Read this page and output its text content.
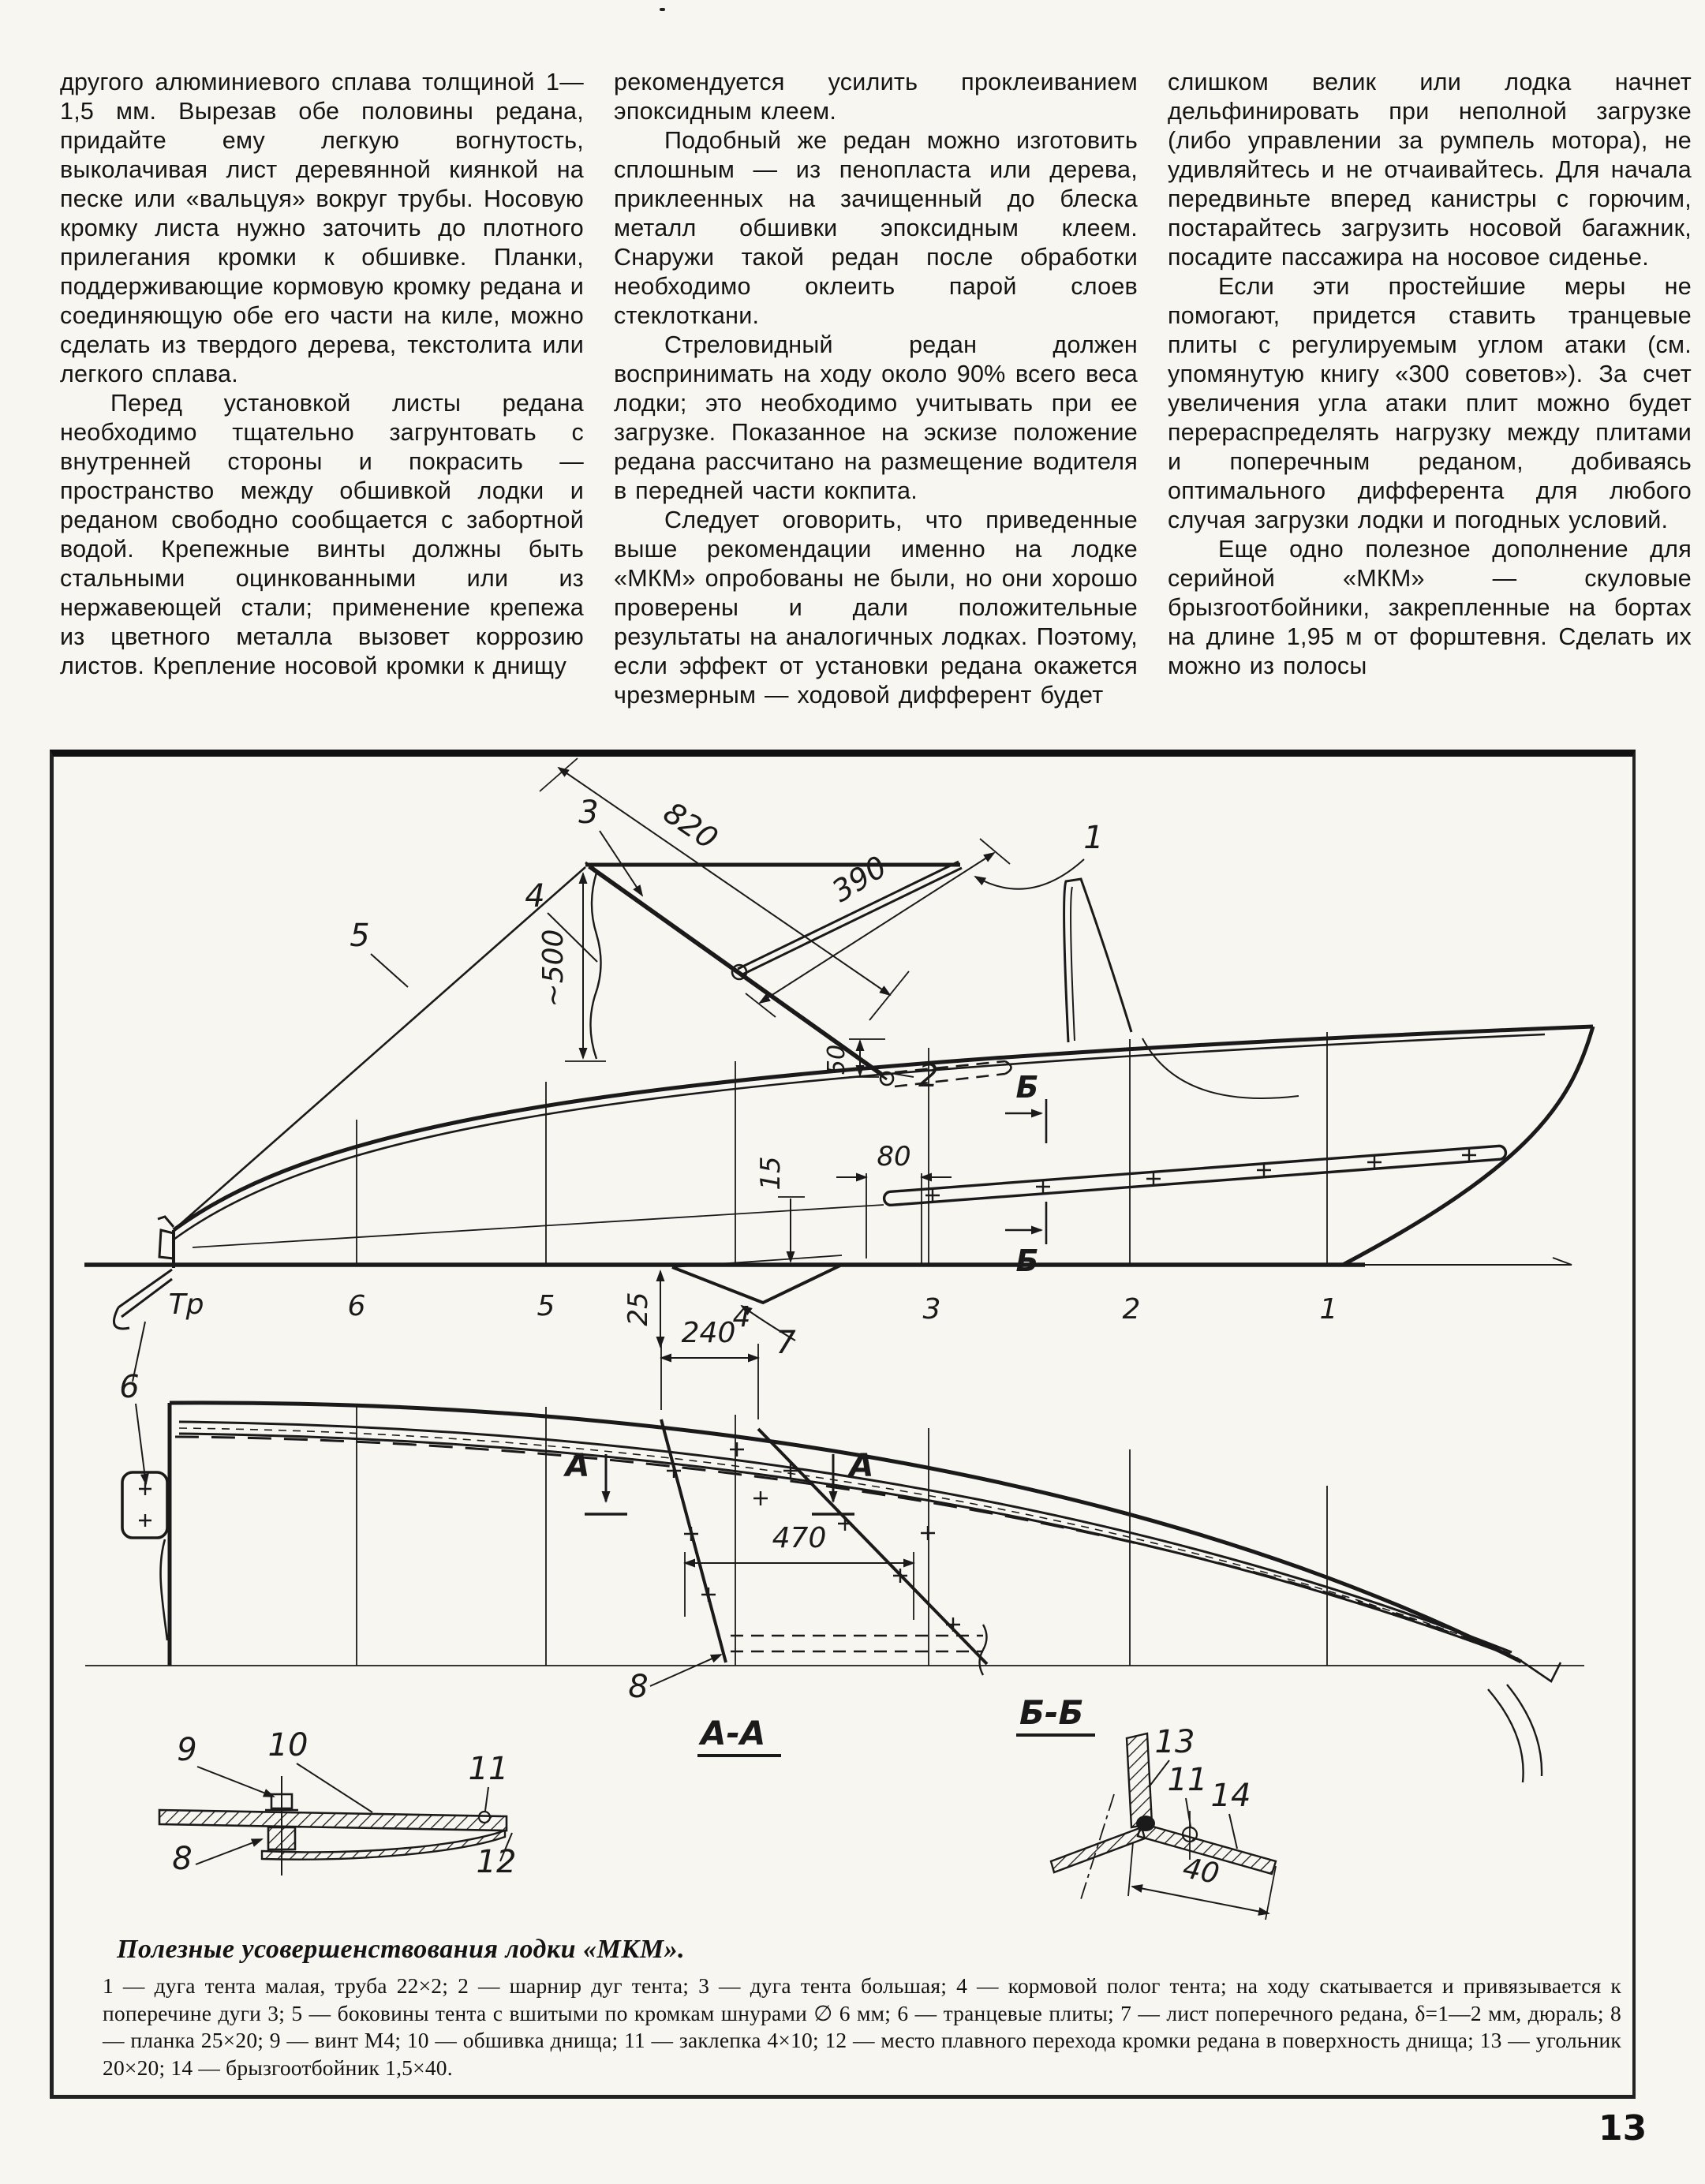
другого алюминиевого сплава толщиной 1—1,5 мм. Вырезав обе половины редана, придайте ему легкую вогнутость, выколачивая лист деревянной киянкой на песке или «вальцуя» вокруг трубы. Носовую кромку листа нужно заточить до плотного прилегания кромки к обшивке. Планки, поддерживающие кормовую кромку редана и соединяющую обе его части на киле, можно сделать из твердого дерева, текстолита или легкого сплава.

Перед установкой листы редана необходимо тщательно загрунтовать с внутренней стороны и покрасить — пространство между обшивкой лодки и реданом свободно сообщается с забортной водой. Крепежные винты должны быть стальными оцинкованными или из нержавеющей стали; применение крепежа из цветного металла вызовет коррозию листов. Крепление носовой кромки к днищу

рекомендуется усилить проклеиванием эпоксидным клеем.

Подобный же редан можно изготовить сплошным — из пенопласта или дерева, приклеенных на зачищенный до блеска металл обшивки эпоксидным клеем. Снаружи такой редан после обработки необходимо оклеить парой слоев стеклоткани.

Стреловидный редан должен воспринимать на ходу около 90% всего веса лодки; это необходимо учитывать при ее загрузке. Показанное на эскизе положение редана рассчитано на размещение водителя в передней части кокпита.

Следует оговорить, что приведенные выше рекомендации именно на лодке «МКМ» опробованы не были, но они хорошо проверены и дали положительные результаты на аналогичных лодках. Поэтому, если эффект от установки редана окажется чрезмерным — ходовой дифферент будет

слишком велик или лодка начнет дельфинировать при неполной загрузке (либо управлении за румпель мотора), не удивляйтесь и не отчаивайтесь. Для начала передвиньте вперед канистры с горючим, постарайтесь загрузить носовой багажник, посадите пассажира на носовое сиденье.

Если эти простейшие меры не помогают, придется ставить транцевые плиты с регулируемым углом атаки (см. упомянутую книгу «300 советов»). За счет увеличения угла атаки плит можно будет перераспределять нагрузку между плитами и поперечным реданом, добиваясь оптимального дифферента для любого случая загрузки лодки и погодных условий.

Еще одно полезное дополнение для серийной «МКМ» — скуловые брызгоотбойники, закрепленные на бортах на длине 1,95 м от форштевня. Сделать их можно из полосы

Тр	6	5	4	3	2	1
820
390
~500
50
3
4
5
1
2
15	80
25
7
Б
Б
6
240
А	А
470
8
А-А
Б-Б
9 10
11
8	12
13
11 14
40

Полезные усовершенствования лодки «МКМ».

1 — дуга тента малая, труба 22×2; 2 — шарнир дуг тента; 3 — дуга тента большая; 4 — кормовой полог тента; на ходу скатывается и привязывается к поперечине дуги 3; 5 — боковины тента с вшитыми по кромкам шнурами ∅ 6 мм; 6 — транцевые плиты; 7 — лист поперечного редана, δ=1—2 мм, дюраль; 8 — планка 25×20; 9 — винт М4; 10 — обшивка днища; 11 — заклепка 4×10; 12 — место плавного перехода кромки редана в поверхность днища; 13 — угольник 20×20; 14 — брызгоотбойник 1,5×40.

13
